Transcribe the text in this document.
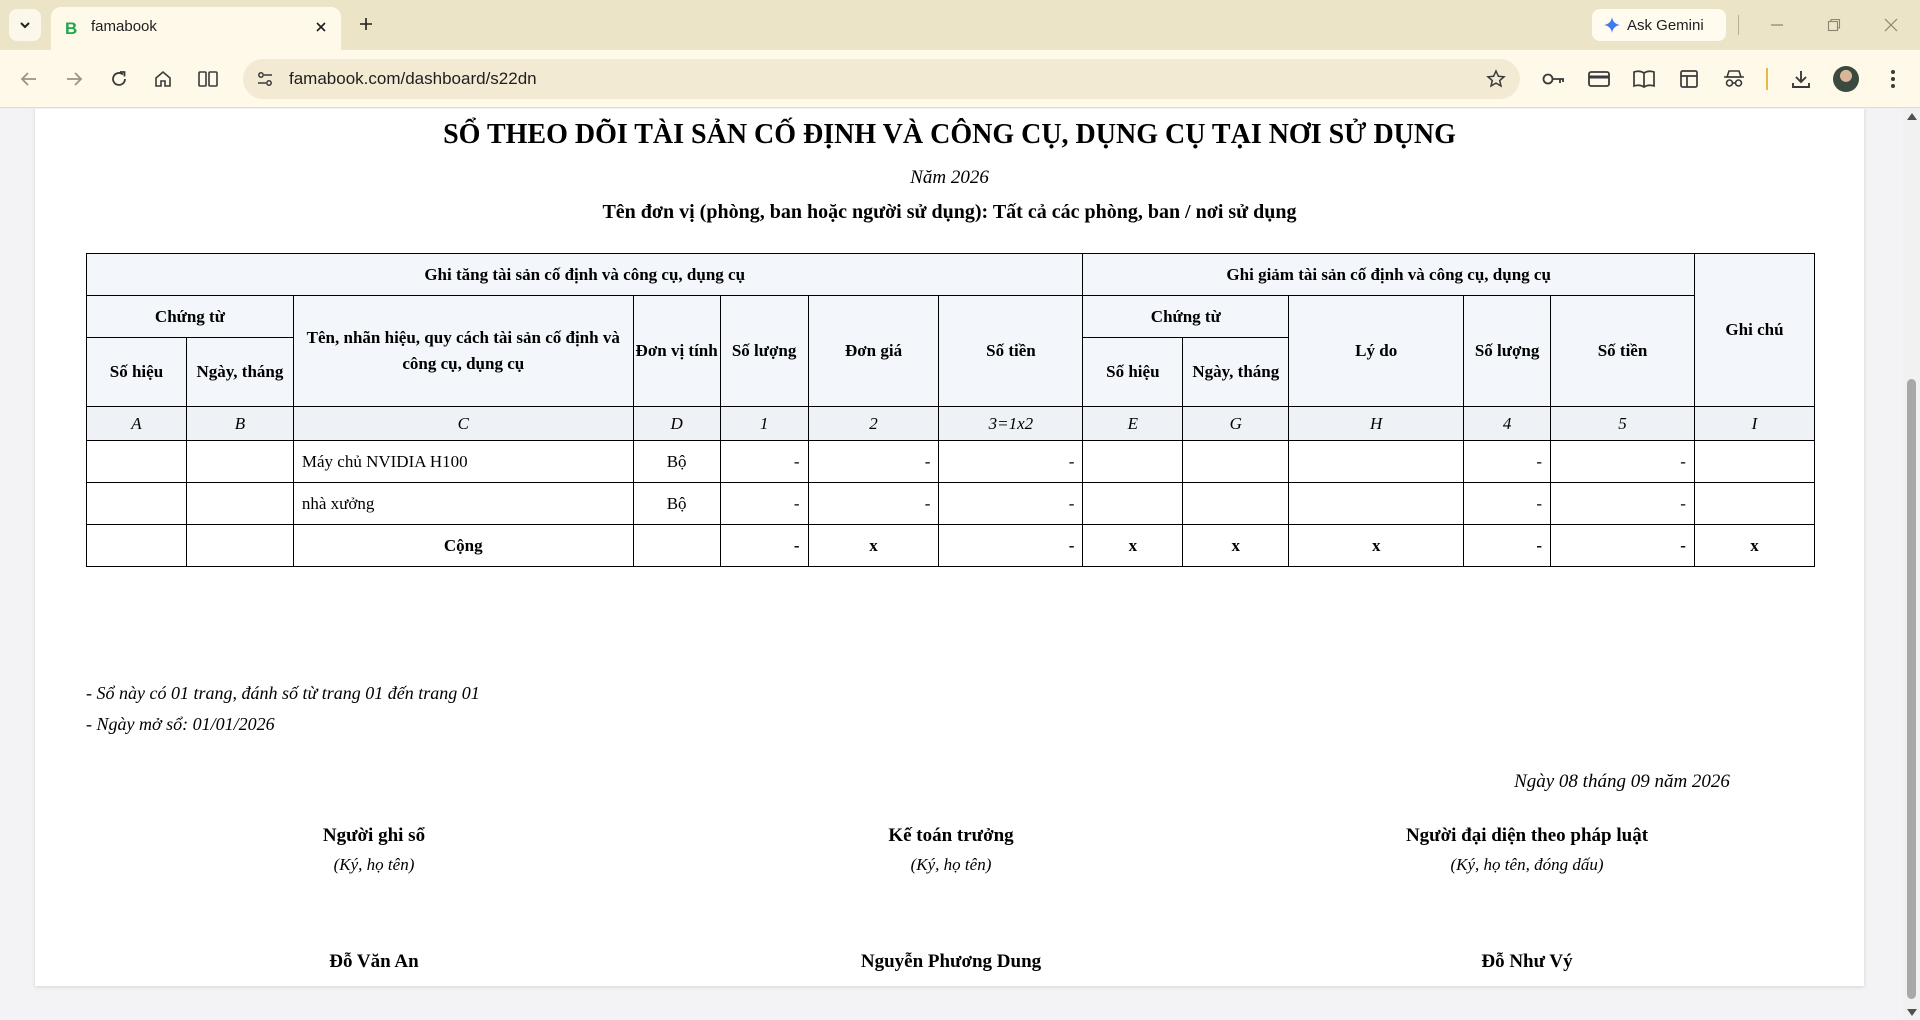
B famabook	Ask Gemini
famabook.com/dashboard/s22dn
SỔ THEO DÕI TÀI SẢN CỐ ĐỊNH VÀ CÔNG CỤ, DỤNG CỤ TẠI NƠI SỬ DỤNG
Năm 2026
Tên đơn vị (phòng, ban hoặc người sử dụng): Tất cả các phòng, ban / nơi sử dụng
Ghi tăng tài sản cố định và công cụ, dụng cụ							Ghi giảm tài sản cố định và công cụ, dụng cụ					Ghi chú
Chứng từ		Tên, nhãn hiệu, quy cách tài sản cố định và công cụ, dụng cụ	Đơn vị tính	Số lượng	Đơn giá	Số tiền	Chứng từ		Lý do	Số lượng	Số tiền	
Số hiệu	Ngày, tháng						Số hiệu	Ngày, tháng				
A	B	C	D	1	2	3=1x2	E	G	H	4	5	I
		Máy chủ NVIDIA H100	Bộ	-	-	-				-	-	
		nhà xưởng	Bộ	-	-	-				-	-	
		Cộng		-	x	-	x	x	x	-	-	x
- Sổ này có 01 trang, đánh số từ trang 01 đến trang 01
- Ngày mở sổ: 01/01/2026
Ngày 08 tháng 09 năm 2026
Người ghi sổ
(Ký, họ tên)
Kế toán trưởng
(Ký, họ tên)
Người đại diện theo pháp luật
(Ký, họ tên, đóng dấu)
Đỗ Văn An	Nguyễn Phương Dung	Đỗ Như Vý
